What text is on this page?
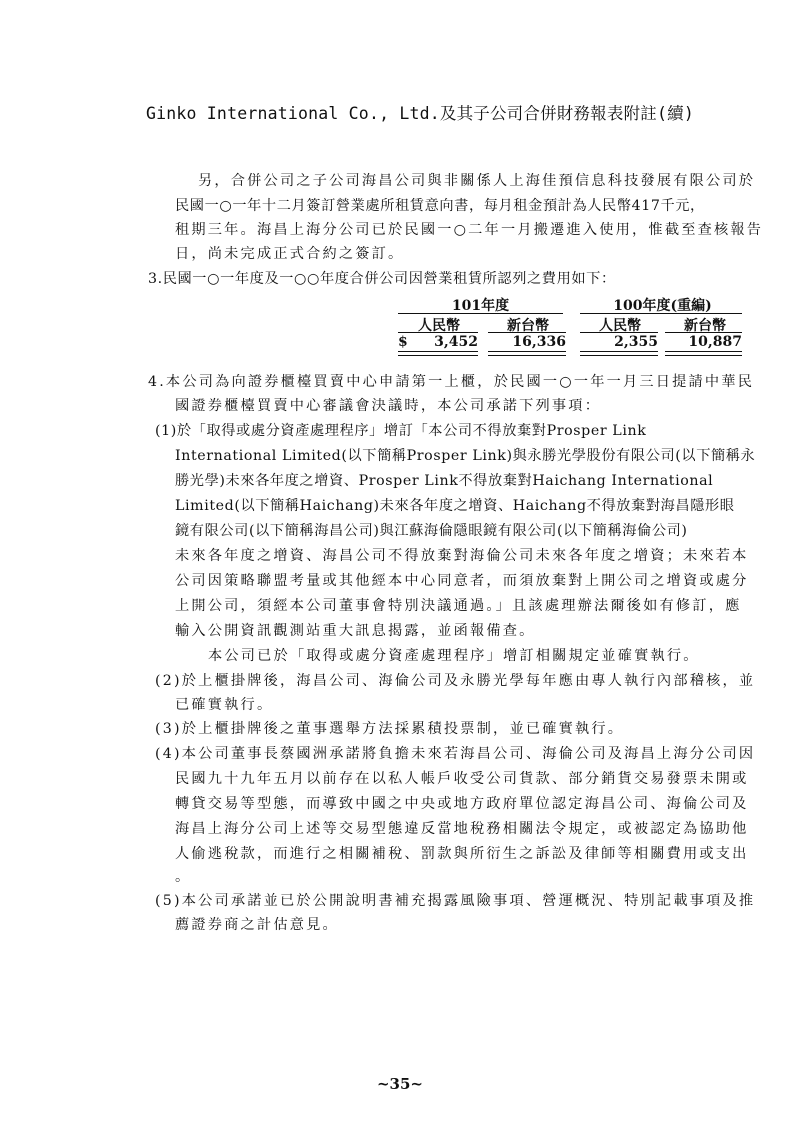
Ginko International Co., Ltd.及其子公司合併財務報表附註(續)
另，合併公司之子公司海昌公司與非關係人上海佳預信息科技發展有限公司於
民國一○一年十二月簽訂營業處所租賃意向書，每月租金預計為人民幣417千元，
租期三年。海昌上海分公司已於民國一○二年一月搬遷進入使用，惟截至查核報告
日，尚未完成正式合約之簽訂。
3.民國一○一年度及一○○年度合併公司因營業租賃所認列之費用如下：
101年度	100年度(重編)
人民幣	新台幣	人民幣	新台幣
$	3,452	16,336	2,355	10,887
4.本公司為向證券櫃檯買賣中心申請第一上櫃，於民國一○一年一月三日提請中華民
國證券櫃檯買賣中心審議會決議時，本公司承諾下列事項：
(1)於「取得或處分資產處理程序」增訂「本公司不得放棄對Prosper Link
International Limited(以下簡稱Prosper Link)與永勝光學股份有限公司(以下簡稱永
勝光學)未來各年度之增資、Prosper Link不得放棄對Haichang International
Limited(以下簡稱Haichang)未來各年度之增資、Haichang不得放棄對海昌隱形眼
鏡有限公司(以下簡稱海昌公司)與江蘇海倫隱眼鏡有限公司(以下簡稱海倫公司)
未來各年度之增資、海昌公司不得放棄對海倫公司未來各年度之增資；未來若本
公司因策略聯盟考量或其他經本中心同意者，而須放棄對上開公司之增資或處分
上開公司，須經本公司董事會特別決議通過。」且該處理辦法爾後如有修訂，應
輸入公開資訊觀測站重大訊息揭露，並函報備查。
本公司已於「取得或處分資產處理程序」增訂相關規定並確實執行。
(2)於上櫃掛牌後，海昌公司、海倫公司及永勝光學每年應由專人執行內部稽核，並
已確實執行。
(3)於上櫃掛牌後之董事選舉方法採累積投票制，並已確實執行。
(4)本公司董事長蔡國洲承諾將負擔未來若海昌公司、海倫公司及海昌上海分公司因
民國九十九年五月以前存在以私人帳戶收受公司貨款、部分銷貨交易發票未開或
轉貸交易等型態，而導致中國之中央或地方政府單位認定海昌公司、海倫公司及
海昌上海分公司上述等交易型態違反當地稅務相關法令規定，或被認定為協助他
人偷逃稅款，而進行之相關補稅、罰款與所衍生之訴訟及律師等相關費用或支出
。
(5)本公司承諾並已於公開說明書補充揭露風險事項、營運概況、特別記載事項及推
薦證券商之計估意見。
~35~
